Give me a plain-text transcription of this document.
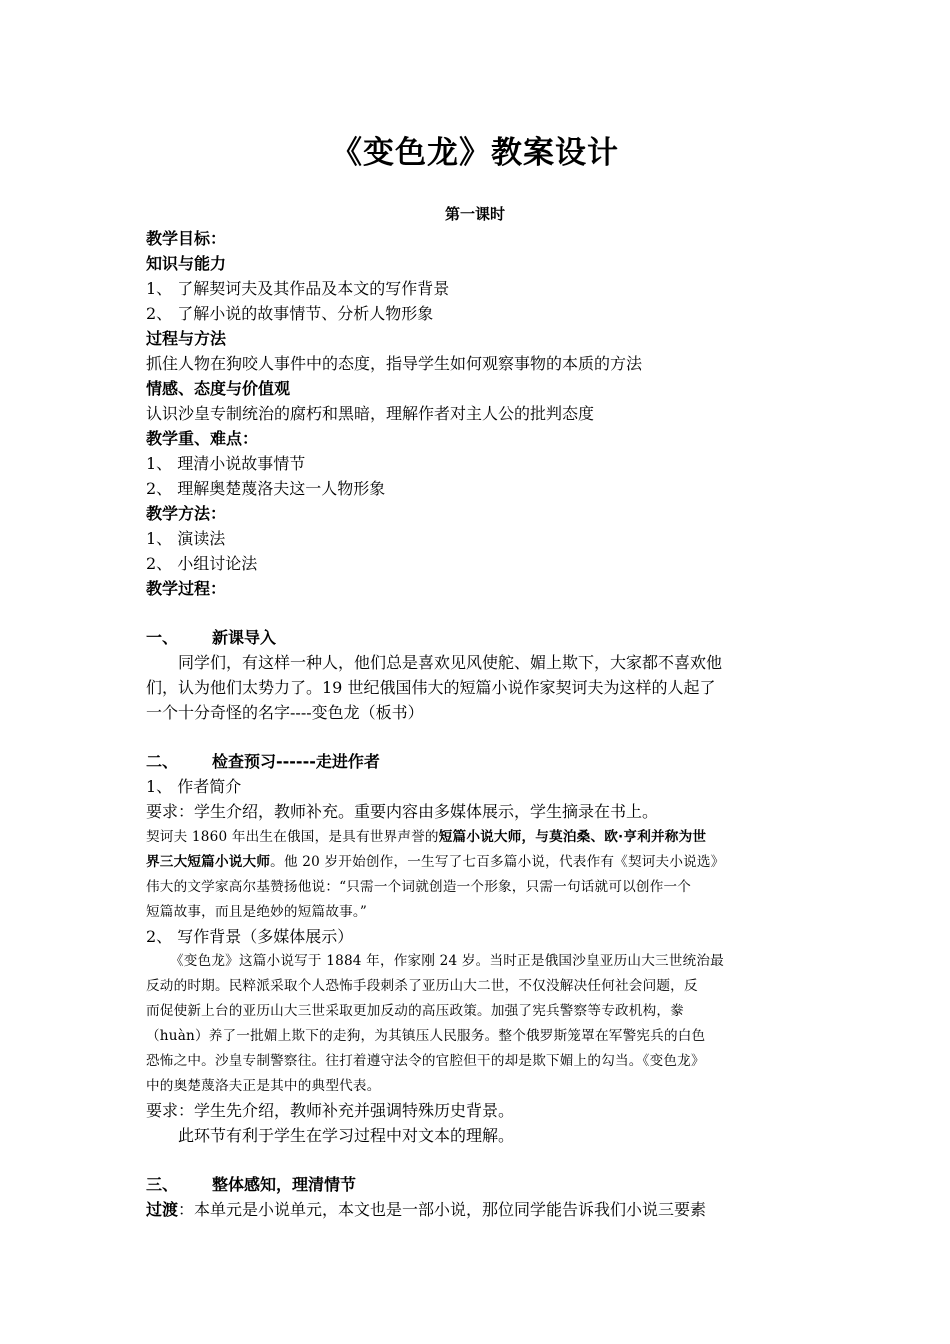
《变色龙》教案设计
第一课时
教学目标：
知识与能力
1、 了解契诃夫及其作品及本文的写作背景
2、 了解小说的故事情节、分析人物形象
过程与方法
抓住人物在狗咬人事件中的态度，指导学生如何观察事物的本质的方法
情感、态度与价值观
认识沙皇专制统治的腐朽和黑暗，理解作者对主人公的批判态度
教学重、难点：
1、 理清小说故事情节
2、 理解奥楚蔑洛夫这一人物形象
教学方法：
1、 演读法
2、 小组讨论法
教学过程：
一、 新课导入
同学们，有这样一种人，他们总是喜欢见风使舵、媚上欺下，大家都不喜欢他
们，认为他们太势力了。19 世纪俄国伟大的短篇小说作家契诃夫为这样的人起了
一个十分奇怪的名字----变色龙（板书）
二、 检查预习------走进作者
1、 作者简介
要求：学生介绍，教师补充。重要内容由多媒体展示，学生摘录在书上。
契诃夫 1860 年出生在俄国，是具有世界声誉的短篇小说大师，与莫泊桑、欧·亨利并称为世
界三大短篇小说大师。他 20 岁开始创作，一生写了七百多篇小说，代表作有《契诃夫小说选》
伟大的文学家高尔基赞扬他说：“只需一个词就创造一个形象，只需一句话就可以创作一个
短篇故事，而且是绝妙的短篇故事。”
2、 写作背景（多媒体展示）
《变色龙》这篇小说写于 1884 年，作家刚 24 岁。当时正是俄国沙皇亚历山大三世统治最
反动的时期。民粹派采取个人恐怖手段刺杀了亚历山大二世，不仅没解决任何社会问题，反
而促使新上台的亚历山大三世采取更加反动的高压政策。加强了宪兵警察等专政机构，豢
（huàn）养了一批媚上欺下的走狗，为其镇压人民服务。整个俄罗斯笼罩在军警宪兵的白色
恐怖之中。沙皇专制警察往。往打着遵守法令的官腔但干的却是欺下媚上的勾当。《变色龙》
中的奥楚蔑洛夫正是其中的典型代表。
要求：学生先介绍，教师补充并强调特殊历史背景。
此环节有利于学生在学习过程中对文本的理解。
三、 整体感知，理清情节
过渡：本单元是小说单元，本文也是一部小说，那位同学能告诉我们小说三要素
